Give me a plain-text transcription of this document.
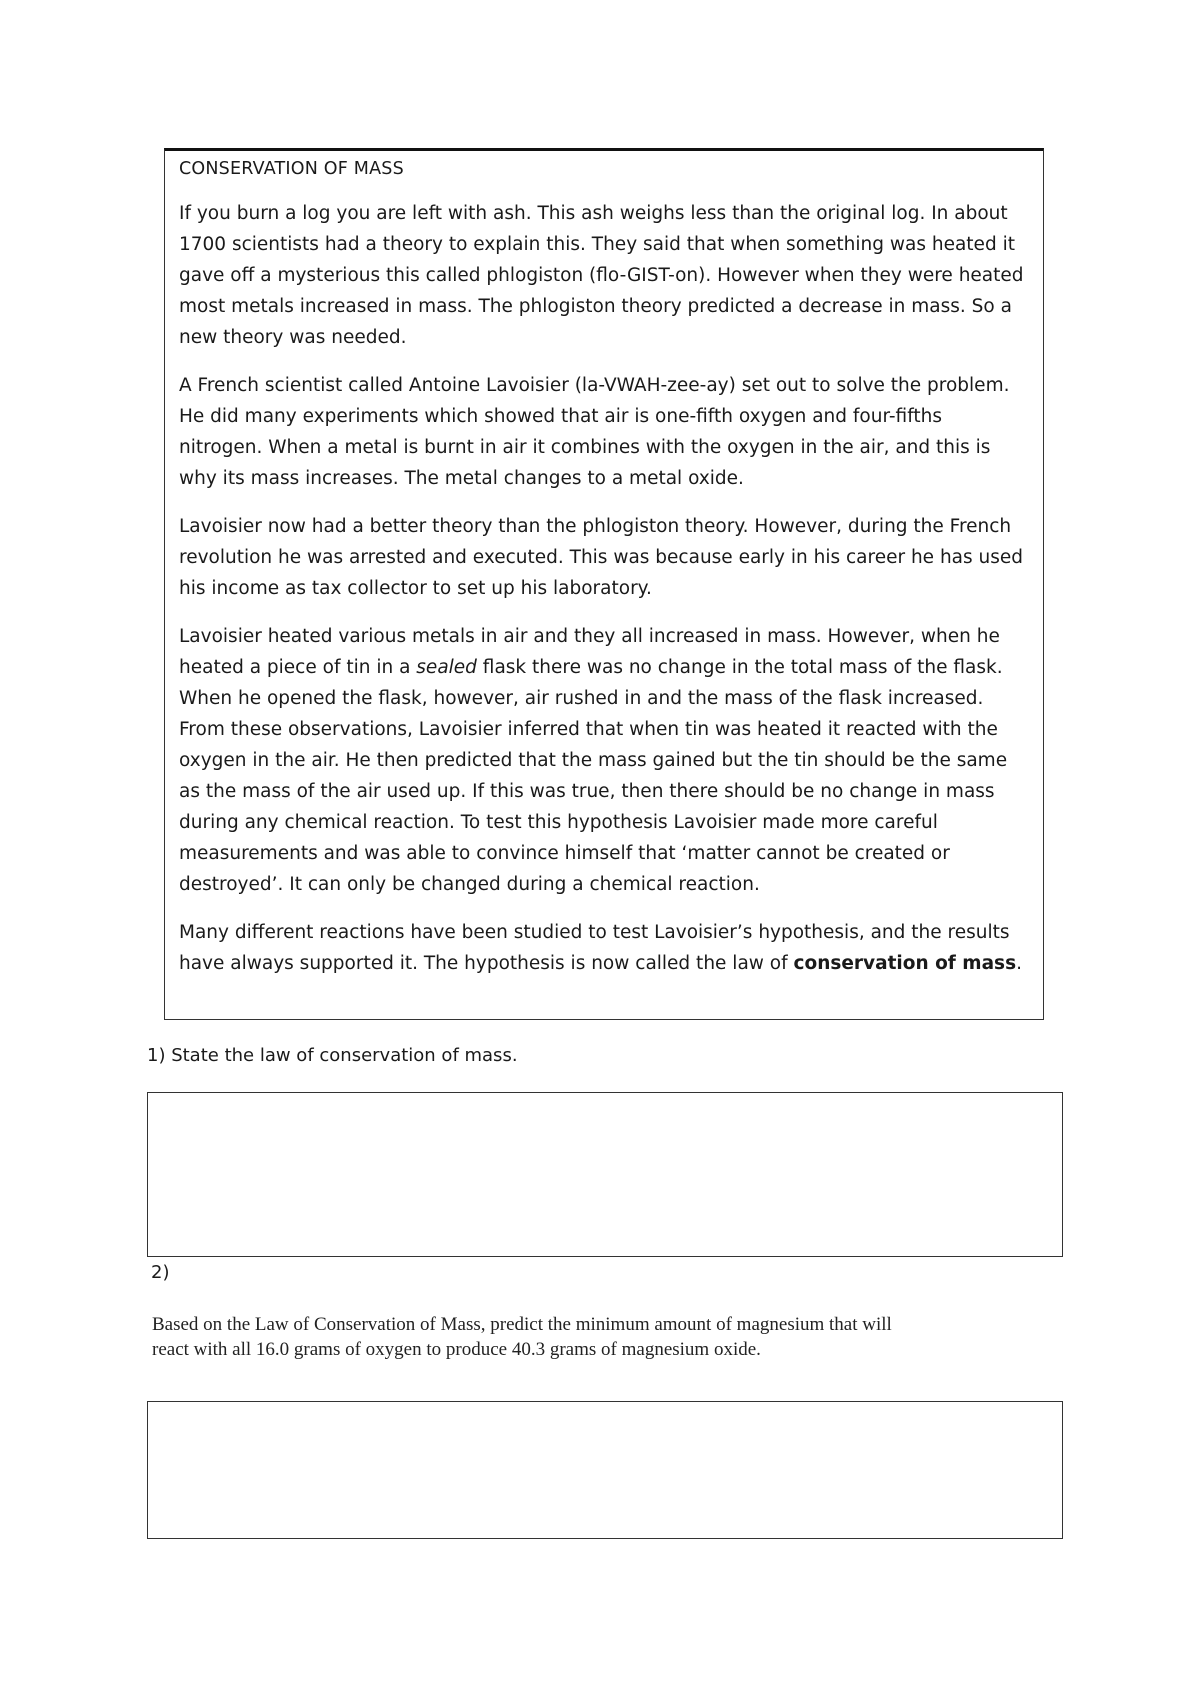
CONSERVATION OF MASS

If you burn a log you are left with ash. This ash weighs less than the original log. In about 1700 scientists had a theory to explain this. They said that when something was heated it gave off a mysterious this called phlogiston (flo-GIST-on). However when they were heated most metals increased in mass. The phlogiston theory predicted a decrease in mass. So a new theory was needed.

A French scientist called Antoine Lavoisier (la-VWAH-zee-ay) set out to solve the problem. He did many experiments which showed that air is one-fifth oxygen and four-fifths nitrogen. When a metal is burnt in air it combines with the oxygen in the air, and this is why its mass increases. The metal changes to a metal oxide.

Lavoisier now had a better theory than the phlogiston theory. However, during the French revolution he was arrested and executed. This was because early in his career he has used his income as tax collector to set up his laboratory.

Lavoisier heated various metals in air and they all increased in mass. However, when he heated a piece of tin in a sealed flask there was no change in the total mass of the flask. When he opened the flask, however, air rushed in and the mass of the flask increased. From these observations, Lavoisier inferred that when tin was heated it reacted with the oxygen in the air. He then predicted that the mass gained but the tin should be the same as the mass of the air used up. If this was true, then there should be no change in mass during any chemical reaction. To test this hypothesis Lavoisier made more careful measurements and was able to convince himself that ‘matter cannot be created or destroyed’. It can only be changed during a chemical reaction.

Many different reactions have been studied to test Lavoisier’s hypothesis, and the results have always supported it. The hypothesis is now called the law of conservation of mass.

1) State the law of conservation of mass.
2)
Based on the Law of Conservation of Mass, predict the minimum amount of magnesium that will react with all 16.0 grams of oxygen to produce 40.3 grams of magnesium oxide.
